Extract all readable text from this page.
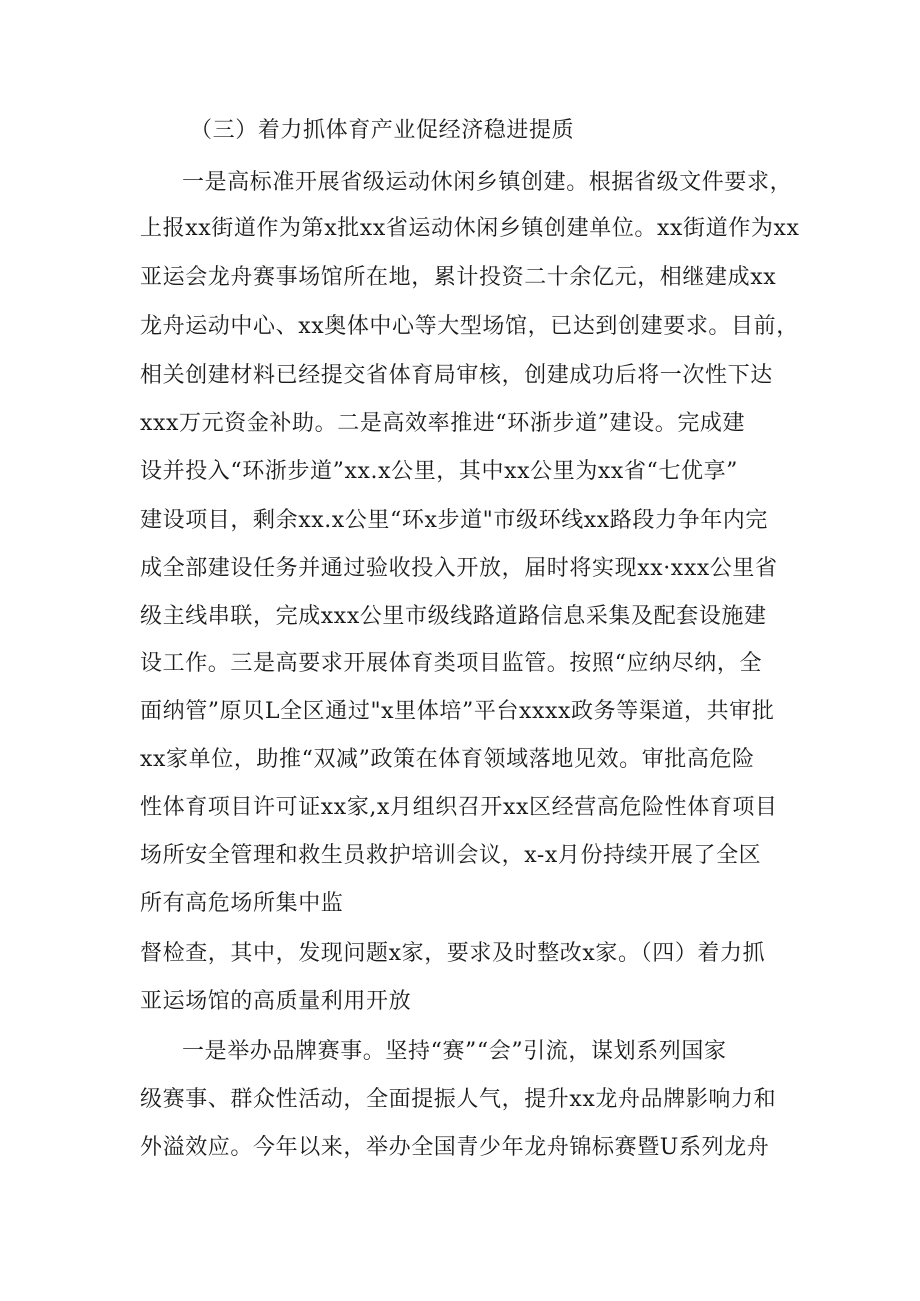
（三）着力抓体育产业促经济稳进提质
一是高标准开展省级运动休闲乡镇创建。根据省级文件要求，
上报xx街道作为第x批xx省运动休闲乡镇创建单位。xx街道作为xx
亚运会龙舟赛事场馆所在地，累计投资二十余亿元，相继建成xx
龙舟运动中心、xx奥体中心等大型场馆，已达到创建要求。目前，
相关创建材料已经提交省体育局审核，创建成功后将一次性下达
xxx万元资金补助。二是高效率推进“环浙步道”建设。完成建
设并投入“环浙步道”xx.x公里，其中xx公里为xx省“七优享”
建设项目，剩余xx.x公里“环x步道"市级环线xx路段力争年内完
成全部建设任务并通过验收投入开放，届时将实现xx·xxx公里省
级主线串联，完成xxx公里市级线路道路信息采集及配套设施建
设工作。三是高要求开展体育类项目监管。按照“应纳尽纳，全
面纳管”原贝L全区通过"x里体培”平台xxxx政务等渠道，共审批
xx家单位，助推“双减”政策在体育领域落地见效。审批高危险
性体育项目许可证xx家,x月组织召开xx区经营高危险性体育项目
场所安全管理和救生员救护培训会议，x-x月份持续开展了全区
所有高危场所集中监
督检查，其中，发现问题x家，要求及时整改x家。（四）着力抓
亚运场馆的高质量利用开放
一是举办品牌赛事。坚持“赛”“会”引流，谋划系列国家
级赛事、群众性活动，全面提振人气，提升xx龙舟品牌影响力和
外溢效应。今年以来，举办全国青少年龙舟锦标赛暨U系列龙舟
